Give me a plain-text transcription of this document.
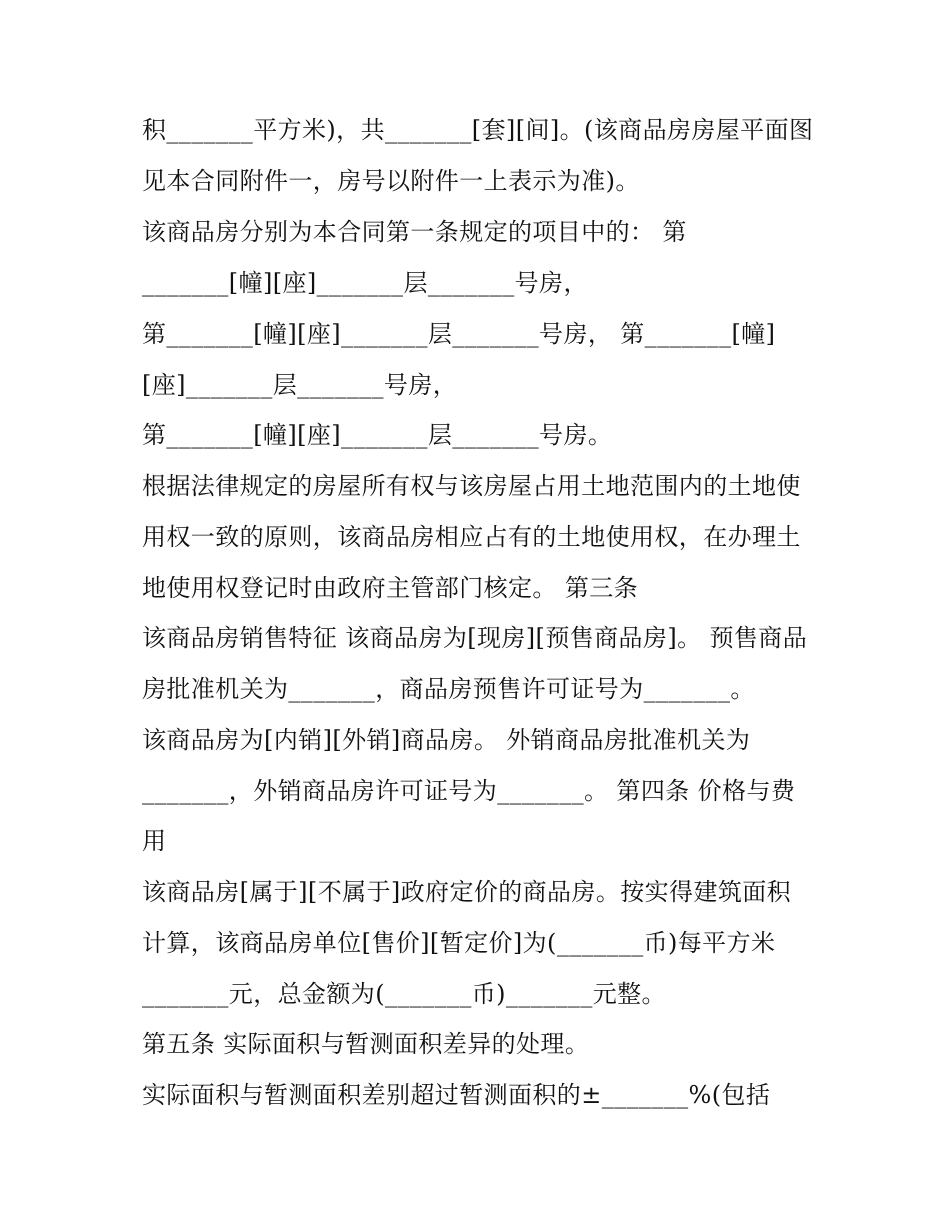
积_______平方米)，共_______[套][间]。(该商品房房屋平面图

见本合同附件一，房号以附件一上表示为准)。

该商品房分别为本合同第一条规定的项目中的： 第

_______[幢][座]_______层_______号房，

第_______[幢][座]_______层_______号房， 第_______[幢]

[座]_______层_______号房，

第_______[幢][座]_______层_______号房。

根据法律规定的房屋所有权与该房屋占用土地范围内的土地使

用权一致的原则，该商品房相应占有的土地使用权，在办理土

地使用权登记时由政府主管部门核定。 第三条

该商品房销售特征 该商品房为[现房][预售商品房]。 预售商品

房批准机关为_______，商品房预售许可证号为_______。

该商品房为[内销][外销]商品房。 外销商品房批准机关为

_______，外销商品房许可证号为_______。 第四条 价格与费

用

该商品房[属于][不属于]政府定价的商品房。按实得建筑面积

计算，该商品房单位[售价][暂定价]为(_______币)每平方米

_______元，总金额为(_______币)_______元整。

第五条 实际面积与暂测面积差异的处理。

实际面积与暂测面积差别超过暂测面积的±_______%(包括
